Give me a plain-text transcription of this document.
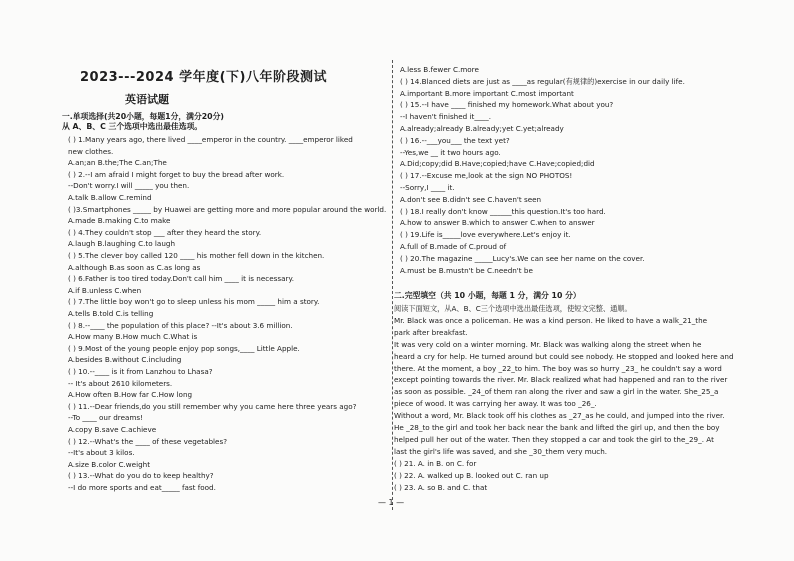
2023---2024 学年度(下)八年阶段测试
英语试题
一.单项选择(共20小题，每题1分，满分20分)
从 A、B、C 三个选项中选出最佳选项。
( ) 1.Many years ago, there lived ____emperor in the country. ____emperor liked
new clothes.
A.an;an B.the;The C.an;The
( ) 2.--I am afraid I might forget to buy the bread after work.
--Don't worry.I will _____ you then.
A.talk B.allow C.remind
( )3.Smartphones _____ by Huawei are getting more and more popular around the world.
A.made B.making C.to make
( ) 4.They couldn't stop ___ after they heard the story.
A.laugh B.laughing C.to laugh
( ) 5.The clever boy called 120 ____ his mother fell down in the kitchen.
A.although B.as soon as C.as long as
( ) 6.Father is too tired today.Don't call him ____ it is necessary.
A.if B.unless C.when
( ) 7.The little boy won't go to sleep unless his mom _____ him a story.
A.tells B.told C.is telling
( ) 8.--____ the population of this place? --It's about 3.6 million.
A.How many B.How much C.What is
( ) 9.Most of the young people enjoy pop songs,____ Little Apple.
A.besides B.without C.including
( ) 10.--____ is it from Lanzhou to Lhasa?
-- It's about 2610 kilometers.
A.How often B.How far C.How long
( ) 11.--Dear friends,do you still remember why you came here three years ago?
--To ____ our dreams!
A.copy B.save C.achieve
( ) 12.--What's the ____ of these vegetables?
--It's about 3 kilos.
A.size B.color C.weight
( ) 13.--What do you do to keep healthy?
--I do more sports and eat_____ fast food.
A.less B.fewer C.more
( ) 14.Blanced diets are just as ____as regular(有规律的)exercise in our daily life.
A.important B.more important C.most important
( ) 15.--I have ____ finished my homework.What about you?
--I haven't finished it____.
A.already;already B.already;yet C.yet;already
( ) 16.--___you___ the text yet?
--Yes,we __ it two hours ago.
A.Did;copy;did B.Have;copied;have C.Have;copied;did
( ) 17.--Excuse me,look at the sign NO PHOTOS!
--Sorry,I ____ it.
A.don't see B.didn't see C.haven't seen
( ) 18.I really don't know ______this question.It's too hard.
A.how to answer B.which to answer C.when to answer
( ) 19.Life is_____love everywhere.Let's enjoy it.
A.full of B.made of C.proud of
( ) 20.The magazine _____Lucy's.We can see her name on the cover.
A.must be B.mustn't be C.needn't be
二.完型填空（共 10 小题，每题 1 分，满分 10 分）
阅读下面短文，从A、B、C三个选项中选出最佳选项，使短文完整、通顺。
Mr. Black was once a policeman. He was a kind person. He liked to have a walk_21_the
park after breakfast.
It was very cold on a winter morning. Mr. Black was walking along the street when he
heard a cry for help. He turned around but could see nobody. He stopped and looked here and
there. At the moment, a boy _22_to him. The boy was so hurry _23_ he couldn't say a word
except pointing towards the river. Mr. Black realized what had happened and ran to the river
as soon as possible. _24_of them ran along the river and saw a girl in the water. She_25_a
piece of wood. It was carrying her away. It was too _26_.
Without a word, Mr. Black took off his clothes as _27_as he could, and jumped into the river.
He _28_to the girl and took her back near the bank and lifted the girl up, and then the boy
helped pull her out of the water. Then they stopped a car and took the girl to the_29_. At
last the girl's life was saved, and she _30_them very much.
( ) 21. A. in B. on C. for
( ) 22. A. walked up B. looked out C. ran up
( ) 23. A. so B. and C. that
— 1 —
